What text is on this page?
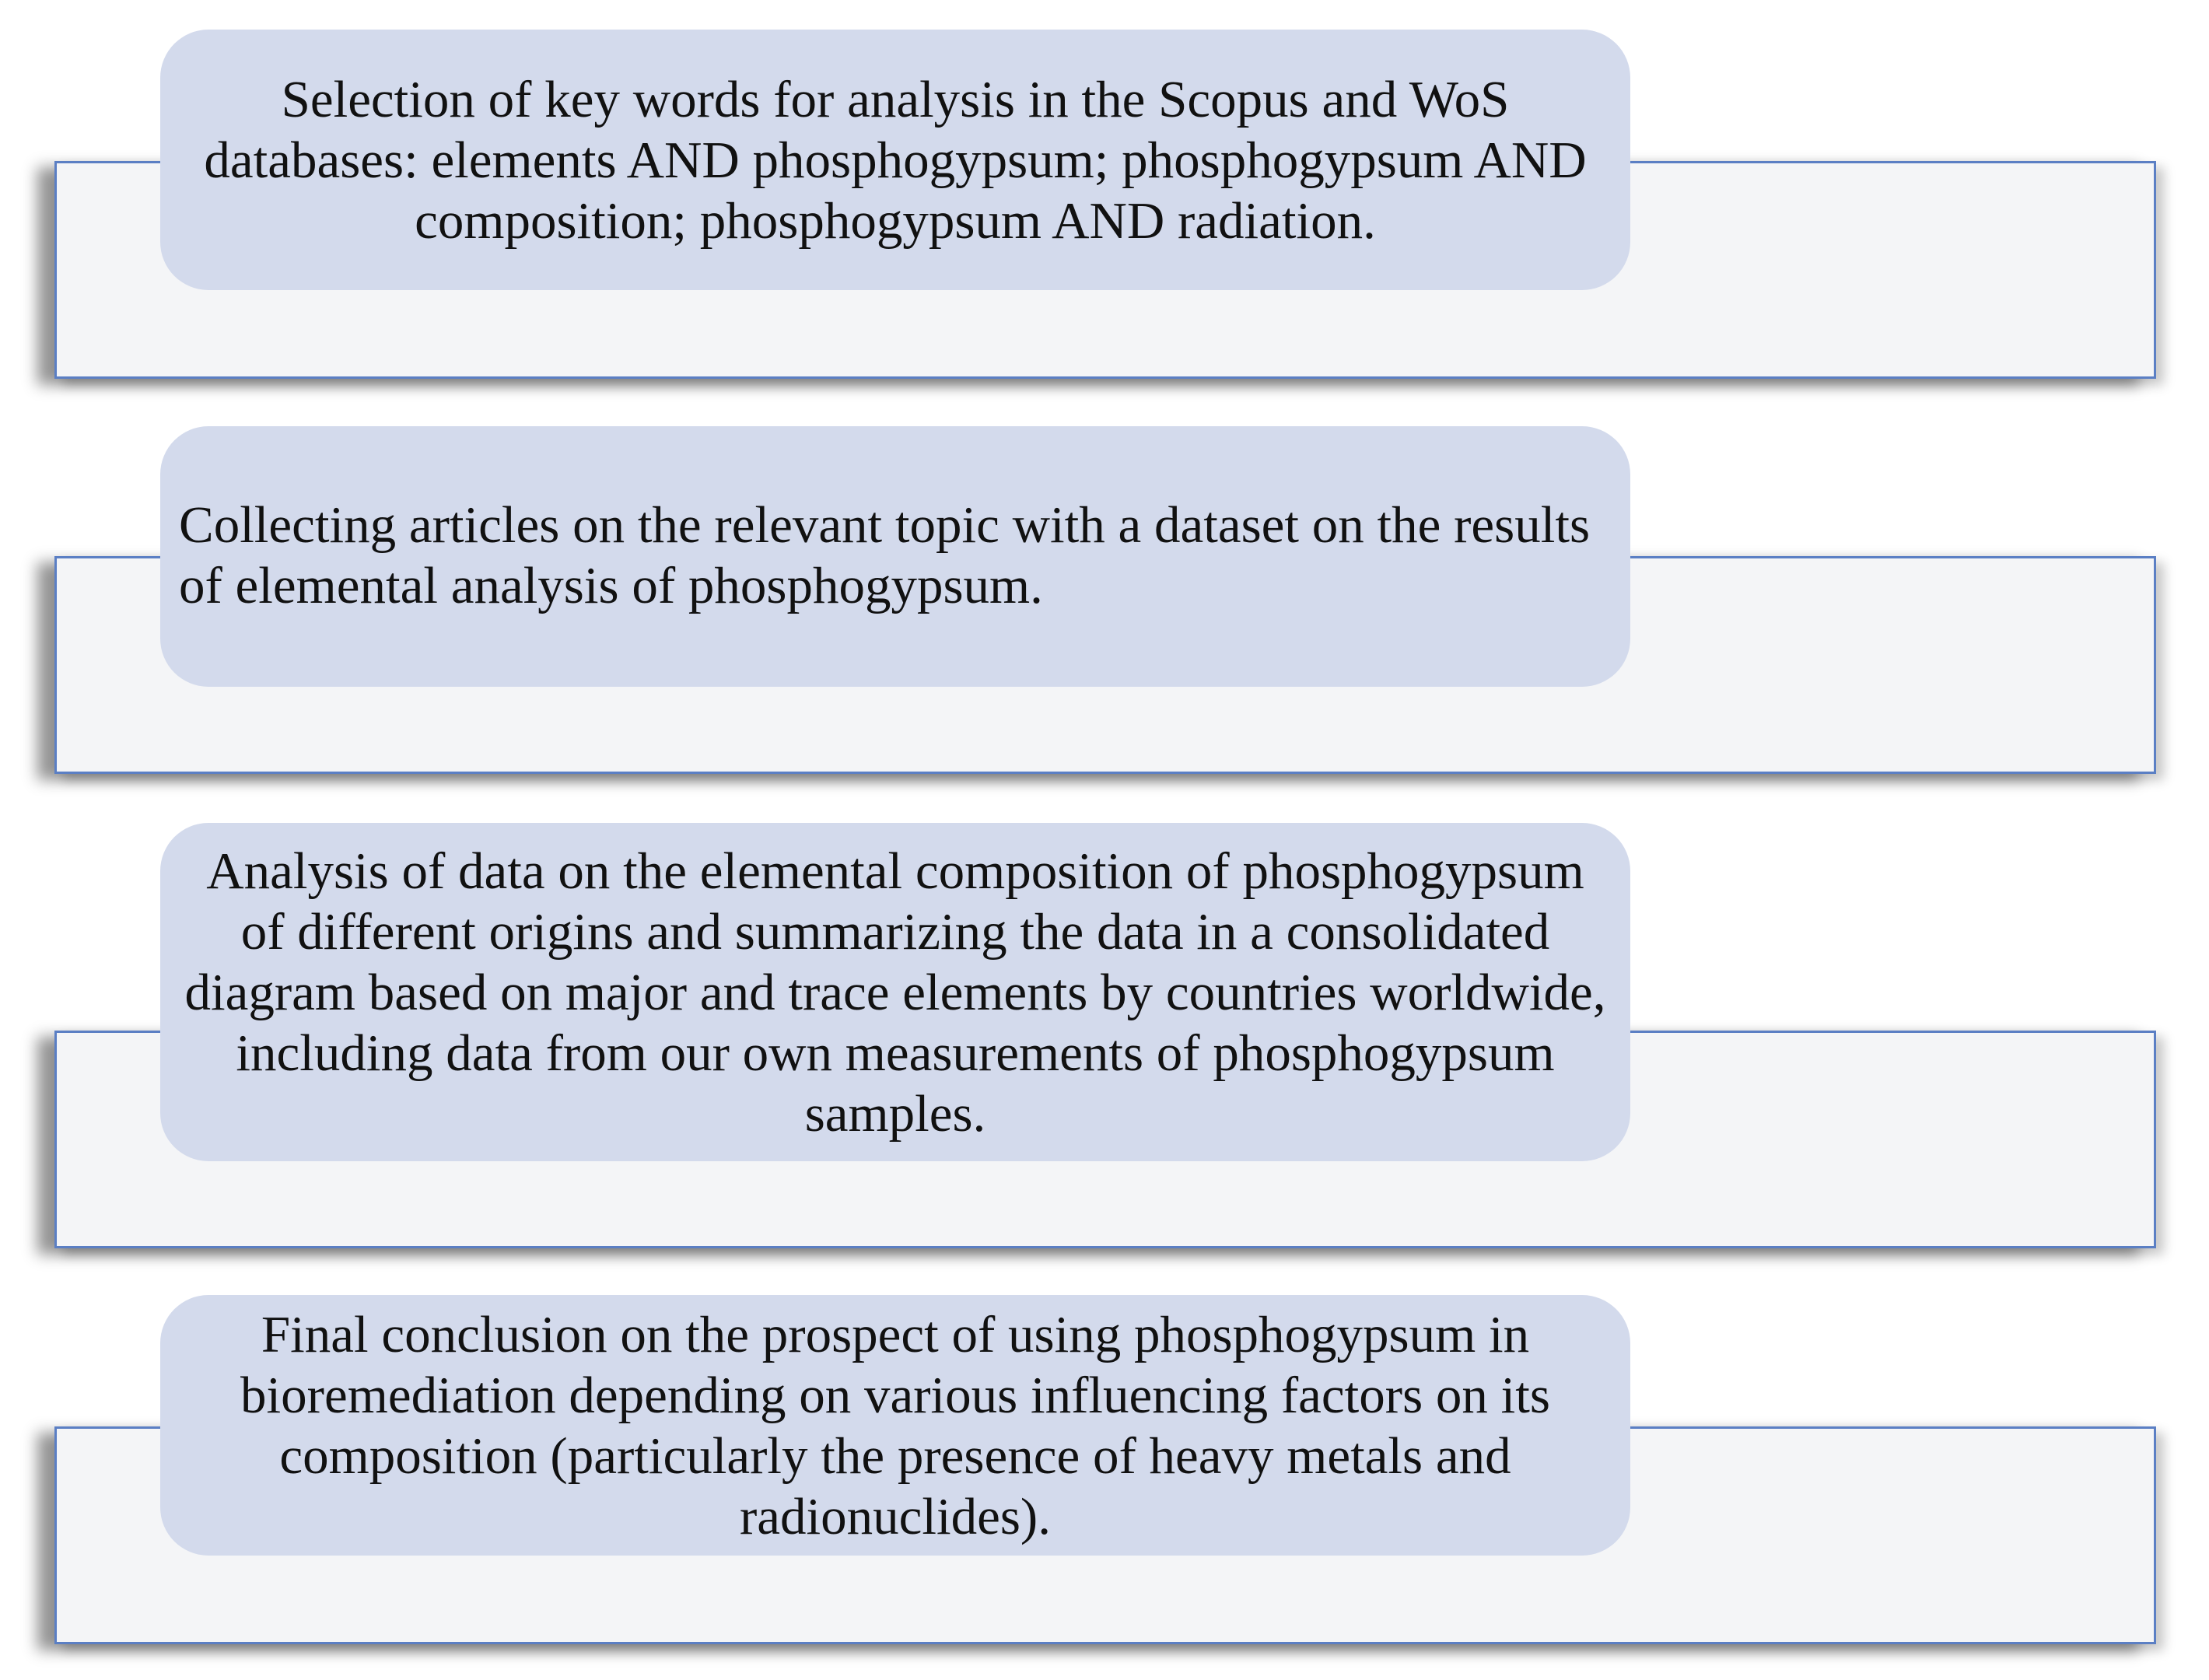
Selection of key words for analysis in the Scopus and WoS databases: elements AND phosphogypsum; phosphogypsum AND composition; phosphogypsum AND radiation.
Collecting articles on the relevant topic with a dataset on the results of elemental analysis of phosphogypsum.
Analysis of data on the elemental composition of phosphogypsum of different origins and summarizing the data in a consolidated diagram based on major and trace elements by countries worldwide, including data from our own measurements of phosphogypsum samples.
Final conclusion on the prospect of using phosphogypsum in bioremediation depending on various influencing factors on its composition (particularly the presence of heavy metals and radionuclides).
